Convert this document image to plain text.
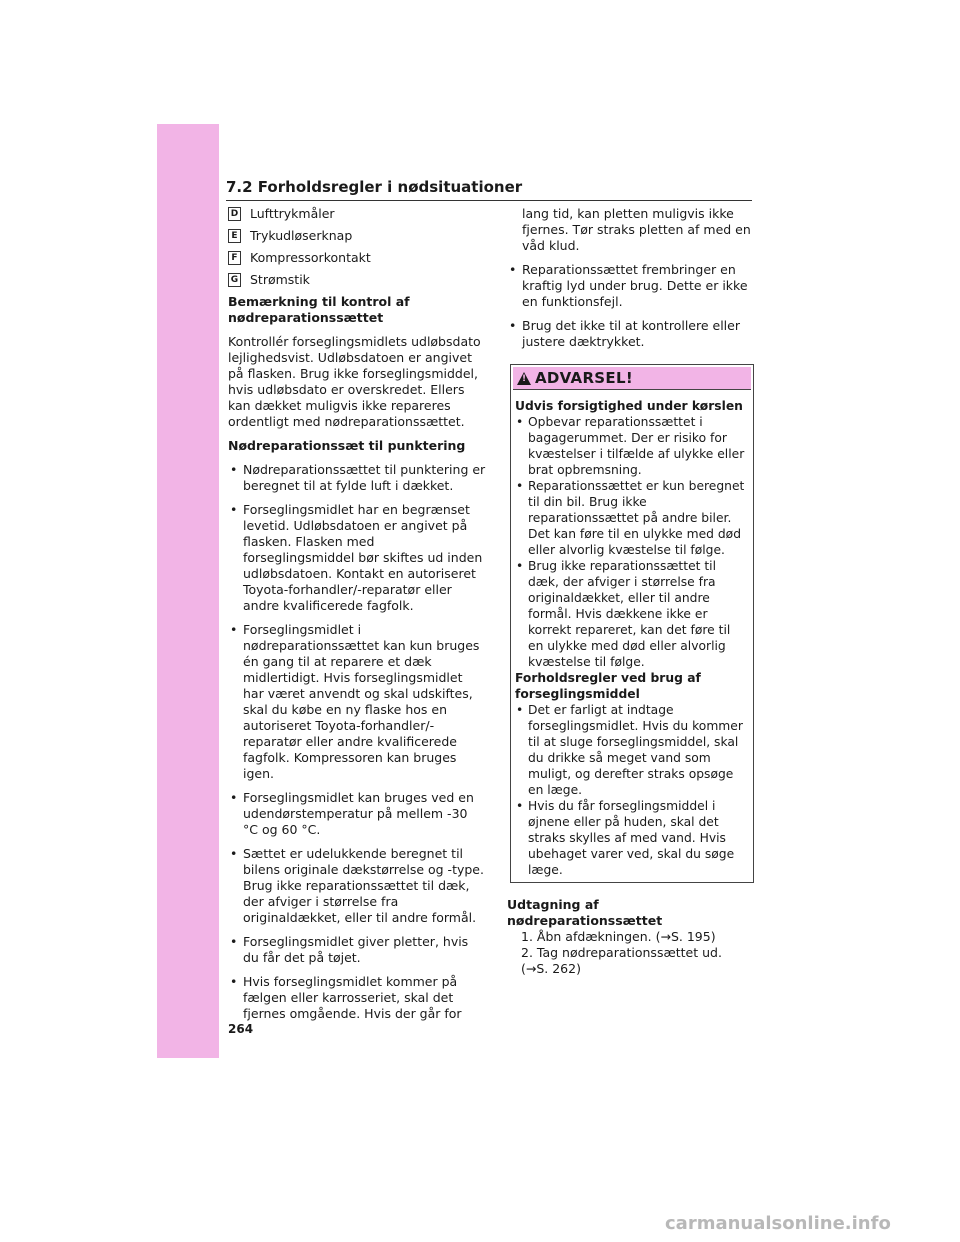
7.2 Forholdsregler i nødsituationer
D Lufttrykmåler
E Trykudløserknap
F Kompressorkontakt
G Strømstik
Bemærkning til kontrol af nødreparationssættet

Kontrollér forseglingsmidlets udløbsdato lejlighedsvist. Udløbsdatoen er angivet på flasken. Brug ikke forseglingsmiddel, hvis udløbsdato er overskredet. Ellers kan dækket muligvis ikke repareres ordentligt med nødreparationssættet.

Nødreparationssæt til punktering
• Nødreparationssættet til punktering er beregnet til at fylde luft i dækket.
• Forseglingsmidlet har en begrænset levetid. Udløbsdatoen er angivet på flasken. Flasken med forseglingsmiddel bør skiftes ud inden udløbsdatoen. Kontakt en autoriseret Toyota-forhandler/-reparatør eller andre kvalificerede fagfolk.
• Forseglingsmidlet i nødreparationssættet kan kun bruges én gang til at reparere et dæk midlertidigt. Hvis forseglingsmidlet har været anvendt og skal udskiftes, skal du købe en ny flaske hos en autoriseret Toyota-forhandler/-reparatør eller andre kvalificerede fagfolk. Kompressoren kan bruges igen.
• Forseglingsmidlet kan bruges ved en udendørstemperatur på mellem -30 °C og 60 °C.
• Sættet er udelukkende beregnet til bilens originale dækstørrelse og -type. Brug ikke reparationssættet til dæk, der afviger i størrelse fra originaldækket, eller til andre formål.
• Forseglingsmidlet giver pletter, hvis du får det på tøjet.
• Hvis forseglingsmidlet kommer på fælgen eller karrosseriet, skal det fjernes omgående. Hvis der går for
lang tid, kan pletten muligvis ikke fjernes. Tør straks pletten af med en våd klud.
• Reparationssættet frembringer en kraftig lyd under brug. Dette er ikke en funktionsfejl.
• Brug det ikke til at kontrollere eller justere dæktrykket.
! ADVARSEL!
Udvis forsigtighed under kørslen
• Opbevar reparationssættet i bagagerummet. Der er risiko for kvæstelser i tilfælde af ulykke eller brat opbremsning.
• Reparationssættet er kun beregnet til din bil. Brug ikke reparationssættet på andre biler. Det kan føre til en ulykke med død eller alvorlig kvæstelse til følge.
• Brug ikke reparationssættet til dæk, der afviger i størrelse fra originaldækket, eller til andre formål. Hvis dækkene ikke er korrekt repareret, kan det føre til en ulykke med død eller alvorlig kvæstelse til følge.
Forholdsregler ved brug af forseglingsmiddel
• Det er farligt at indtage forseglingsmidlet. Hvis du kommer til at sluge forseglingsmiddel, skal du drikke så meget vand som muligt, og derefter straks opsøge en læge.
• Hvis du får forseglingsmiddel i øjnene eller på huden, skal det straks skylles af med vand. Hvis ubehaget varer ved, skal du søge læge.
Udtagning af nødreparationssættet
1. Åbn afdækningen. (→S. 195)
2. Tag nødreparationssættet ud. (→S. 262)
264
carmanualsonline.info
